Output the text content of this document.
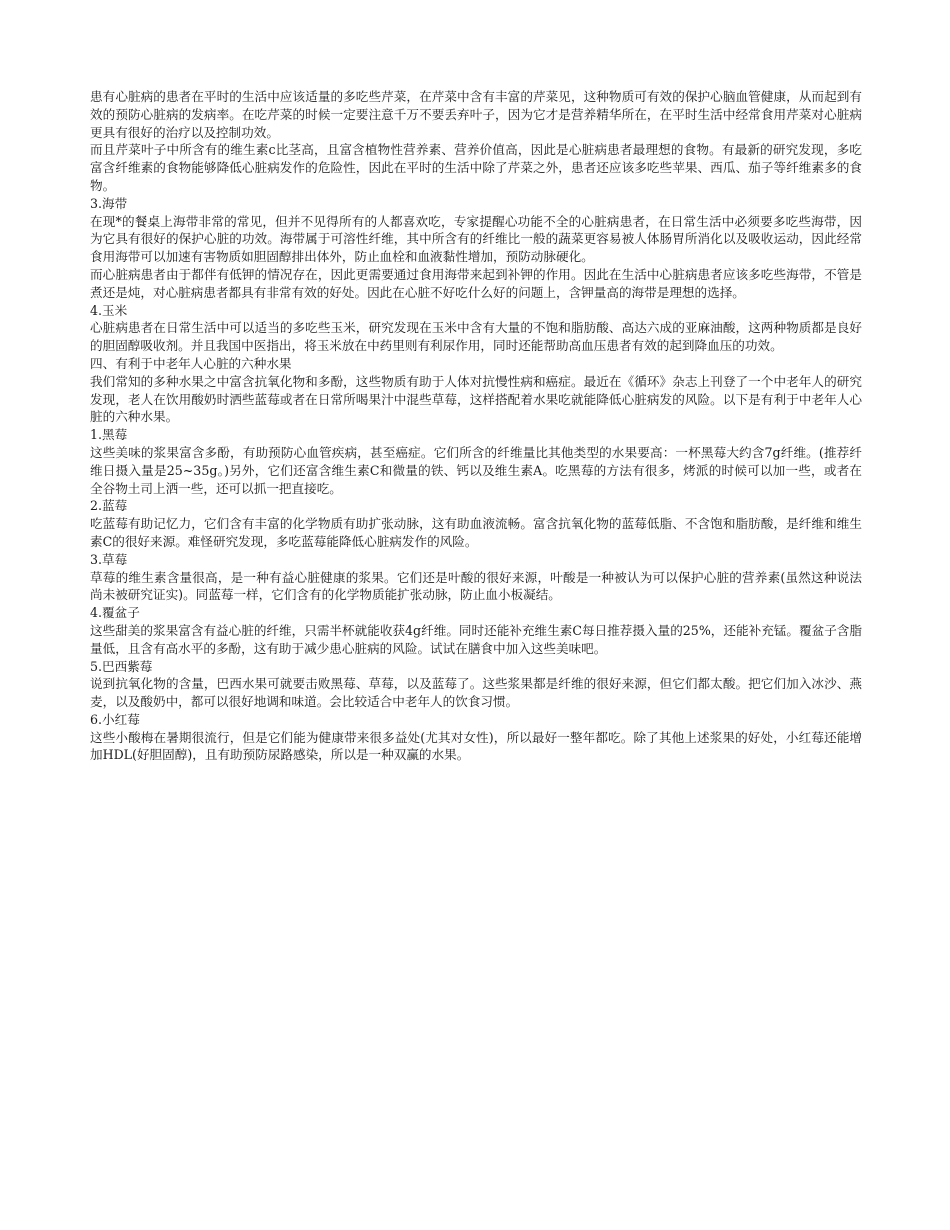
患有心脏病的患者在平时的生活中应该适量的多吃些芹菜，在芹菜中含有丰富的芹菜见，这种物质可有效的保护心脑血管健康，从而起到有效的预防心脏病的发病率。在吃芹菜的时候一定要注意千万不要丢弃叶子，因为它才是营养精华所在，在平时生活中经常食用芹菜对心脏病更具有很好的治疗以及控制功效。

而且芹菜叶子中所含有的维生素c比茎高，且富含植物性营养素、营养价值高，因此是心脏病患者最理想的食物。有最新的研究发现，多吃富含纤维素的食物能够降低心脏病发作的危险性，因此在平时的生活中除了芹菜之外，患者还应该多吃些苹果、西瓜、茄子等纤维素多的食物。

3.海带

在现*的餐桌上海带非常的常见，但并不见得所有的人都喜欢吃，专家提醒心功能不全的心脏病患者，在日常生活中必须要多吃些海带，因为它具有很好的保护心脏的功效。海带属于可溶性纤维，其中所含有的纤维比一般的蔬菜更容易被人体肠胃所消化以及吸收运动，因此经常食用海带可以加速有害物质如胆固醇排出体外，防止血栓和血液黏性增加，预防动脉硬化。

而心脏病患者由于都伴有低钾的情况存在，因此更需要通过食用海带来起到补钾的作用。因此在生活中心脏病患者应该多吃些海带，不管是煮还是炖，对心脏病患者都具有非常有效的好处。因此在心脏不好吃什么好的问题上，含钾量高的海带是理想的选择。

4.玉米

心脏病患者在日常生活中可以适当的多吃些玉米，研究发现在玉米中含有大量的不饱和脂肪酸、高达六成的亚麻油酸，这两种物质都是良好的胆固醇吸收剂。并且我国中医指出，将玉米放在中药里则有利尿作用，同时还能帮助高血压患者有效的起到降血压的功效。

四、有利于中老年人心脏的六种水果

我们常知的多种水果之中富含抗氧化物和多酚，这些物质有助于人体对抗慢性病和癌症。最近在《循环》杂志上刊登了一个中老年人的研究发现，老人在饮用酸奶时洒些蓝莓或者在日常所喝果汁中混些草莓，这样搭配着水果吃就能降低心脏病发的风险。以下是有利于中老年人心脏的六种水果。

1.黑莓

这些美味的浆果富含多酚，有助预防心血管疾病，甚至癌症。它们所含的纤维量比其他类型的水果要高：一杯黑莓大约含7g纤维。(推荐纤维日摄入量是25~35g。)另外，它们还富含维生素C和微量的铁、钙以及维生素A。吃黑莓的方法有很多，烤派的时候可以加一些，或者在全谷物土司上洒一些，还可以抓一把直接吃。

2.蓝莓

吃蓝莓有助记忆力，它们含有丰富的化学物质有助扩张动脉，这有助血液流畅。富含抗氧化物的蓝莓低脂、不含饱和脂肪酸，是纤维和维生素C的很好来源。难怪研究发现，多吃蓝莓能降低心脏病发作的风险。

3.草莓

草莓的维生素含量很高，是一种有益心脏健康的浆果。它们还是叶酸的很好来源，叶酸是一种被认为可以保护心脏的营养素(虽然这种说法尚未被研究证实)。同蓝莓一样，它们含有的化学物质能扩张动脉，防止血小板凝结。

4.覆盆子

这些甜美的浆果富含有益心脏的纤维，只需半杯就能收获4g纤维。同时还能补充维生素C每日推荐摄入量的25%，还能补充锰。覆盆子含脂量低，且含有高水平的多酚，这有助于减少患心脏病的风险。试试在膳食中加入这些美味吧。

5.巴西紫莓

说到抗氧化物的含量，巴西水果可就要击败黑莓、草莓，以及蓝莓了。这些浆果都是纤维的很好来源，但它们都太酸。把它们加入冰沙、燕麦，以及酸奶中，都可以很好地调和味道。会比较适合中老年人的饮食习惯。

6.小红莓

这些小酸梅在暑期很流行，但是它们能为健康带来很多益处(尤其对女性)，所以最好一整年都吃。除了其他上述浆果的好处，小红莓还能增加HDL(好胆固醇)，且有助预防尿路感染，所以是一种双赢的水果。
